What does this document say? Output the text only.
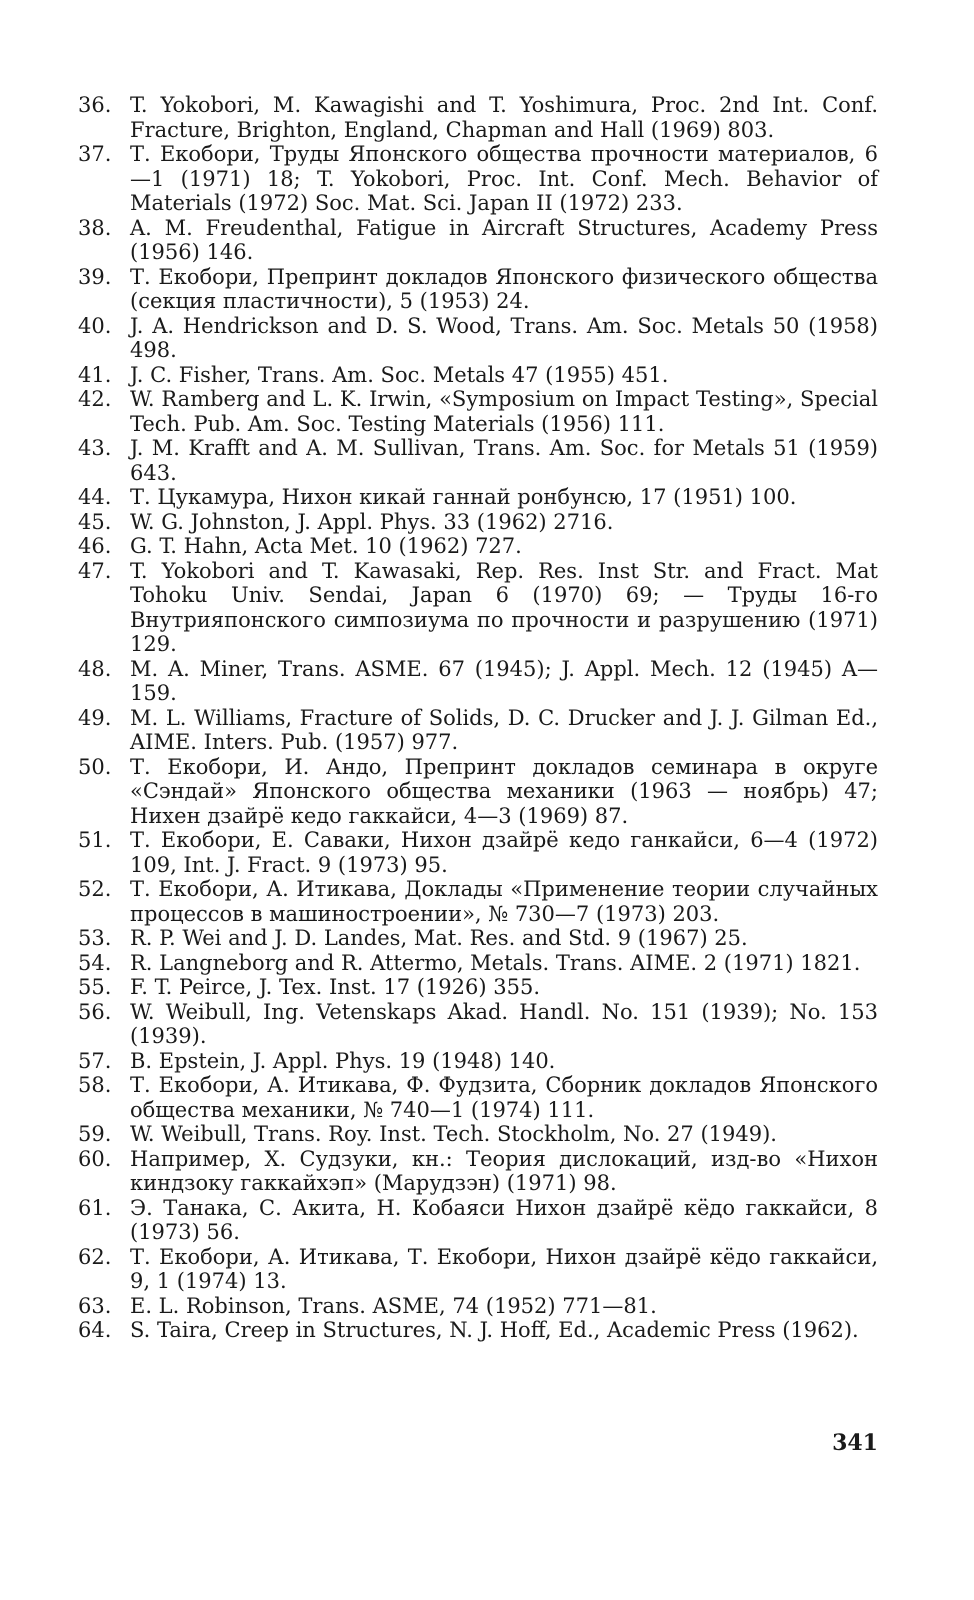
36. T. Yokobori, M. Kawagishi and T. Yoshimura, Proc. 2nd Int. Conf. Fracture, Brighton, England, Chapman and Hall (1969) 803.
37. Т. Екобори, Труды Японского общества прочности материалов, 6—1 (1971) 18; T. Yokobori, Proc. Int. Conf. Mech. Behavior of Materials (1972) Soc. Mat. Sci. Japan II (1972) 233.
38. A. M. Freudenthal, Fatigue in Aircraft Structures, Academy Press (1956) 146.
39. Т. Екобори, Препринт докладов Японского физического общества (секция пластичности), 5 (1953) 24.
40. J. A. Hendrickson and D. S. Wood, Trans. Am. Soc. Metals 50 (1958) 498.
41. J. C. Fisher, Trans. Am. Soc. Metals 47 (1955) 451.
42. W. Ramberg and L. K. Irwin, «Symposium on Impact Testing», Special Tech. Pub. Am. Soc. Testing Materials (1956) 111.
43. J. M. Krafft and A. M. Sullivan, Trans. Am. Soc. for Metals 51 (1959) 643.
44. Т. Цукамура, Нихон кикай ганнай ронбунсю, 17 (1951) 100.
45. W. G. Johnston, J. Appl. Phys. 33 (1962) 2716.
46. G. T. Hahn, Acta Met. 10 (1962) 727.
47. T. Yokobori and T. Kawasaki, Rep. Res. Inst Str. and Fract. Mat Tohoku Univ. Sendai, Japan 6 (1970) 69; — Труды 16-го Внутрияпонского симпозиума по прочности и разрушению (1971) 129.
48. M. A. Miner, Trans. ASME. 67 (1945); J. Appl. Mech. 12 (1945) A—159.
49. M. L. Williams, Fracture of Solids, D. C. Drucker and J. J. Gilman Ed., AIME. Inters. Pub. (1957) 977.
50. Т. Екобори, И. Андо, Препринт докладов семинара в округе «Сэндай» Японского общества механики (1963 — ноябрь) 47; Нихен дзайрё кедо гаккайси, 4—3 (1969) 87.
51. Т. Екобори, Е. Саваки, Нихон дзайрё кедо ганкайси, 6—4 (1972) 109, Int. J. Fract. 9 (1973) 95.
52. Т. Екобори, А. Итикава, Доклады «Применение теории случайных процессов в машиностроении», № 730—7 (1973) 203.
53. R. P. Wei and J. D. Landes, Mat. Res. and Std. 9 (1967) 25.
54. R. Langneborg and R. Attermo, Metals. Trans. AIME. 2 (1971) 1821.
55. F. T. Peirce, J. Tex. Inst. 17 (1926) 355.
56. W. Weibull, Ing. Vetenskaps Akad. Handl. No. 151 (1939); No. 153 (1939).
57. B. Epstein, J. Appl. Phys. 19 (1948) 140.
58. Т. Екобори, А. Итикава, Ф. Фудзита, Сборник докладов Японского общества механики, № 740—1 (1974) 111.
59. W. Weibull, Trans. Roy. Inst. Tech. Stockholm, No. 27 (1949).
60. Например, Х. Судзуки, кн.: Теория дислокаций, изд-во «Нихон киндзоку гаккайхэп» (Марудзэн) (1971) 98.
61. Э. Танака, С. Акита, Н. Кобаяси Нихон дзайрё кёдо гаккайси, 8 (1973) 56.
62. Т. Екобори, А. Итикава, Т. Екобори, Нихон дзайрё кёдо гаккайси, 9, 1 (1974) 13.
63. E. L. Robinson, Trans. ASME, 74 (1952) 771—81.
64. S. Taira, Creep in Structures, N. J. Hoff, Ed., Academic Press (1962).
341
